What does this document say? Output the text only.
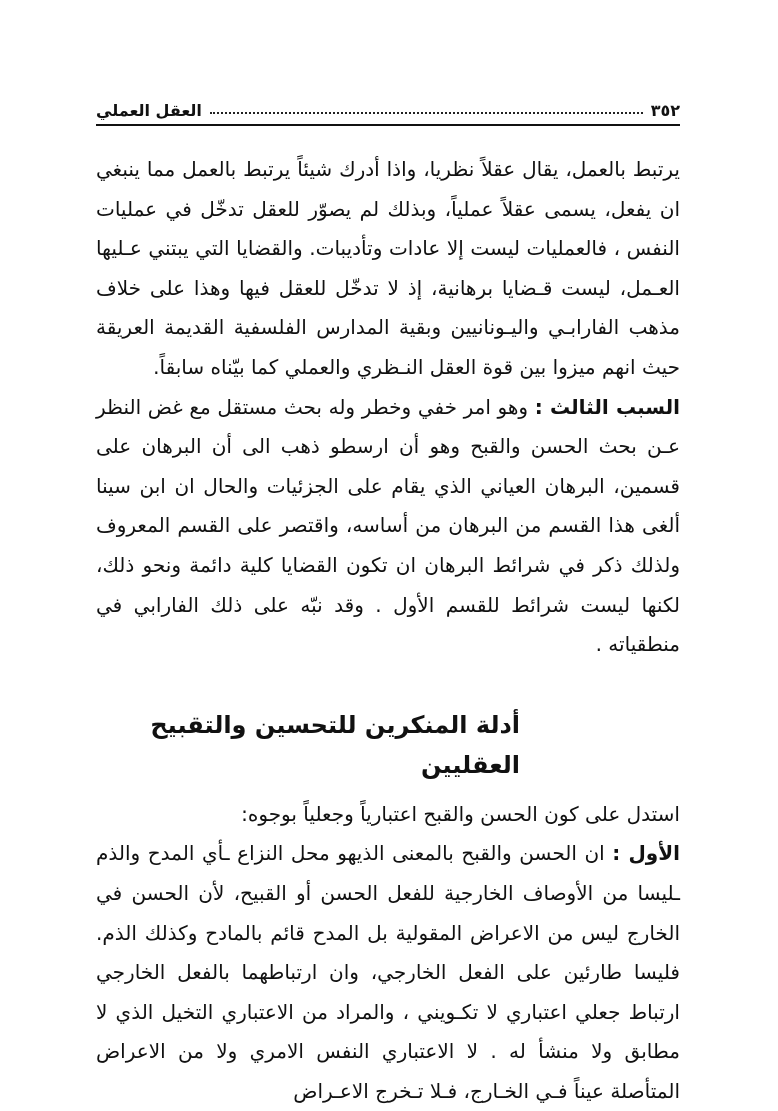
٣٥٢
العقل العملي

يرتبط بالعمل، يقال عقلاً نظريا، واذا أدرك شيئاً يرتبط بالعمل مما ينبغي ان يفعل، يسمى عقلاً عملياً، وبذلك لم يصوّر للعقل تدخّل في عمليات النفس ، فالعمليات ليست إلا عادات وتأديبات. والقضايا التي يبتني عـليها العـمل، ليست قـضايا برهانية، إذ لا تدخّل للعقل فيها وهذا على خلاف مذهب الفارابـي واليـونانيين وبقية المدارس الفلسفية القديمة العريقة حيث انهم ميزوا بين قوة العقل النـظري والعملي كما بيّناه سابقاً.

السبب الثالث : وهو امر خفي وخطر وله بحث مستقل مع غض النظر عـن بحث الحسن والقبح وهو أن ارسطو ذهب الى أن البرهان على قسمين، البرهان العياني الذي يقام على الجزئيات والحال ان ابن سينا ألغى هذا القسم من البرهان من أساسه، واقتصر على القسم المعروف ولذلك ذكر في شرائط البرهان ان تكون القضايا كلية دائمة ونحو ذلك، لكنها ليست شرائط للقسم الأول . وقد نبّه على ذلك الفارابي في منطقياته .

أدلة المنكرين للتحسين والتقبيح العقليين

استدل على كون الحسن والقبح اعتبارياً وجعلياً بوجوه:

الأول : ان الحسن والقبح بالمعنى الذيهو محل النزاع ـأي المدح والذم ـليسا من الأوصاف الخارجية للفعل الحسن أو القبيح، لأن الحسن في الخارج ليس من الاعراض المقولية بل المدح قائم بالمادح وكذلك الذم. فليسا طارئين على الفعل الخارجي، وان ارتباطهما بالفعل الخارجي ارتباط جعلي اعتباري لا تكـويني ، والمراد من الاعتباري التخيل الذي لا مطابق ولا منشأ له . لا الاعتباري النفس الامري ولا من الاعراض المتأصلة عيناً فـي الخـارج، فـلا تـخرج الاعـراض
